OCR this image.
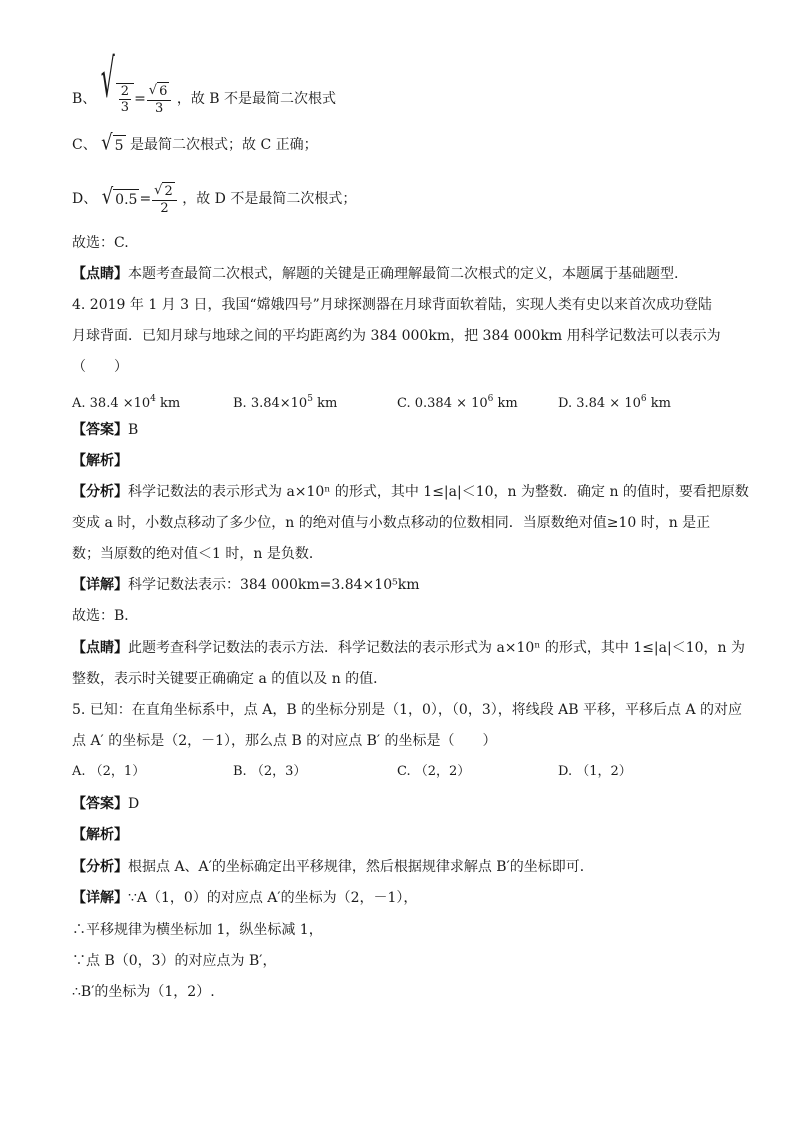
B、 √ $\frac{2}{3} = \frac{√ 6}{3}$ ，故 B 不是最简二次根式
C、 √ 5 是最简二次根式；故 C 正确；
D、 √ $0.5 = \frac{√ 2}{2}$ ，故 D 不是最简二次根式；
故选：C.
【点睛】本题考查最简二次根式，解题的关键是正确理解最简二次根式的定义，本题属于基础题型.
4. 2019 年 1 月 3 日，我国“嫦娥四号”月球探测器在月球背面软着陆，实现人类有史以来首次成功登陆
月球背面．已知月球与地球之间的平均距离约为 384 000km，把 384 000km 用科学记数法可以表示为
（　　）
A. $38.4 \times 10^4$ km	B. $3.84\times 10^5$ km	C. $0.384 \times 10^6$ km	D. $3.84 \times 10^6$ km
【答案】B
【解析】
【分析】科学记数法的表示形式为 a×10ⁿ 的形式，其中 1≤|a|＜10，n 为整数．确定 n 的值时，要看把原数
变成 a 时，小数点移动了多少位，n 的绝对值与小数点移动的位数相同．当原数绝对值≥10 时，n 是正
数；当原数的绝对值＜1 时，n 是负数．
【详解】科学记数法表示：384 000km=3.84×10⁵km
故选：B．
【点睛】此题考查科学记数法的表示方法．科学记数法的表示形式为 a×10ⁿ 的形式，其中 1≤|a|＜10，n 为
整数，表示时关键要正确确定 a 的值以及 n 的值．
5. 已知：在直角坐标系中，点 A，B 的坐标分别是（1，0），（0，3），将线段 AB 平移，平移后点 A 的对应
点 A′ 的坐标是（2，－1），那么点 B 的对应点 B′ 的坐标是（　　）
A. （2，1）	B. （2，3）	C. （2，2）	D. （1，2）
【答案】D
【解析】
【分析】根据点 A、A′的坐标确定出平移规律，然后根据规律求解点 B′的坐标即可．
【详解】∵A（1，0）的对应点 A′的坐标为（2，－1），
∴平移规律为横坐标加 1，纵坐标减 1，
∵点 B（0，3）的对应点为 B′，
∴B′的坐标为（1，2）.
